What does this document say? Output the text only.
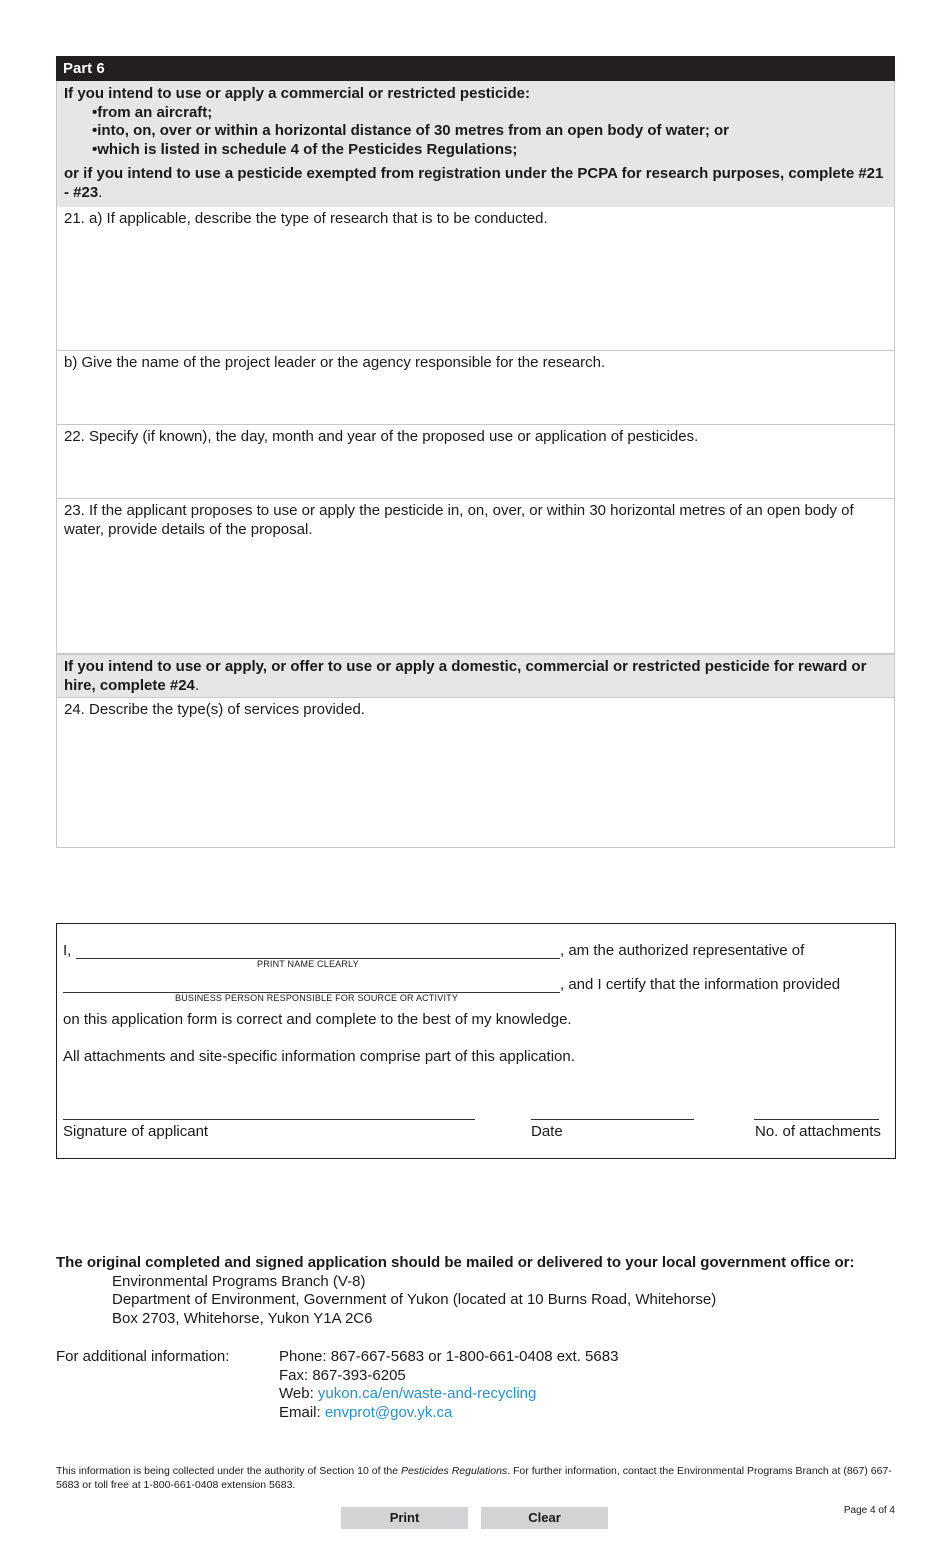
Part 6
If you intend to use or apply a commercial or restricted pesticide:
• from an aircraft;
• into, on, over or within a horizontal distance of 30 metres from an open body of water; or
• which is listed in schedule 4 of the Pesticides Regulations;
or if you intend to use a pesticide exempted from registration under the PCPA for research purposes, complete #21 - #23.
21. a) If applicable, describe the type of research that is to be conducted.
b) Give the name of the project leader or the agency responsible for the research.
22. Specify (if known), the day, month and year of the proposed use or application of pesticides.
23. If the applicant proposes to use or apply the pesticide in, on, over, or within 30 horizontal metres of an open body of water, provide details of the proposal.
If you intend to use or apply, or offer to use or apply a domestic, commercial or restricted pesticide for reward or hire, complete #24.
24. Describe the type(s) of services provided.
I,	, am the authorized representative of
PRINT NAME CLEARLY
, and I certify that the information provided
BUSINESS PERSON RESPONSIBLE FOR SOURCE OR ACTIVITY
on this application form is correct and complete to the best of my knowledge.
All attachments and site-specific information comprise part of this application.
Signature of applicant	Date	No. of attachments
The original completed and signed application should be mailed or delivered to your local government office or:
Environmental Programs Branch (V-8)
Department of Environment, Government of Yukon (located at 10 Burns Road, Whitehorse)
Box 2703, Whitehorse, Yukon Y1A 2C6
For additional information:	Phone: 867-667-5683 or 1-800-661-0408 ext. 5683
Fax: 867-393-6205
Web: yukon.ca/en/waste-and-recycling
Email: envprot@gov.yk.ca
This information is being collected under the authority of Section 10 of the Pesticides Regulations. For further information, contact the Environmental Programs Branch at (867) 667-5683 or toll free at 1-800-661-0408 extension 5683.
Page 4 of 4
Print	Clear
